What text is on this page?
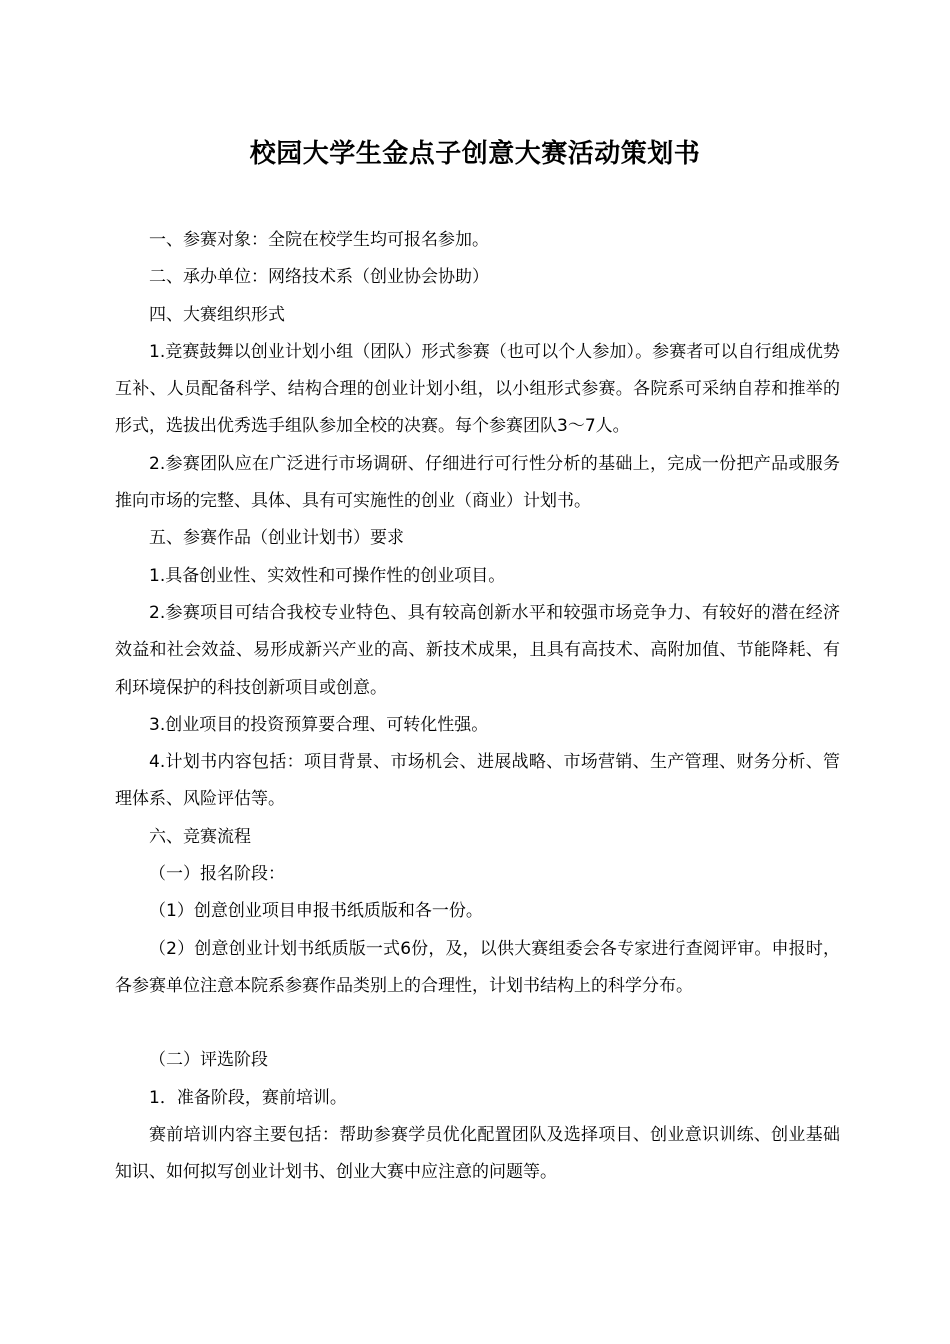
校园大学生金点子创意大赛活动策划书

一、参赛对象：全院在校学生均可报名参加。

二、承办单位：网络技术系（创业协会协助）

四、大赛组织形式

1.竞赛鼓舞以创业计划小组（团队）形式参赛（也可以个人参加）。参赛者可以自行组成优势互补、人员配备科学、结构合理的创业计划小组，以小组形式参赛。各院系可采纳自荐和推举的形式，选拔出优秀选手组队参加全校的决赛。每个参赛团队3～7人。

2.参赛团队应在广泛进行市场调研、仔细进行可行性分析的基础上，完成一份把产品或服务推向市场的完整、具体、具有可实施性的创业（商业）计划书。

五、参赛作品（创业计划书）要求

1.具备创业性、实效性和可操作性的创业项目。

2.参赛项目可结合我校专业特色、具有较高创新水平和较强市场竞争力、有较好的潜在经济效益和社会效益、易形成新兴产业的高、新技术成果，且具有高技术、高附加值、节能降耗、有利环境保护的科技创新项目或创意。

3.创业项目的投资预算要合理、可转化性强。

4.计划书内容包括：项目背景、市场机会、进展战略、市场营销、生产管理、财务分析、管理体系、风险评估等。

六、竞赛流程

（一）报名阶段：

（1）创意创业项目申报书纸质版和各一份。

（2）创意创业计划书纸质版一式6份，及，以供大赛组委会各专家进行查阅评审。申报时，各参赛单位注意本院系参赛作品类别上的合理性，计划书结构上的科学分布。

（二）评选阶段

1．准备阶段，赛前培训。

赛前培训内容主要包括：帮助参赛学员优化配置团队及选择项目、创业意识训练、创业基础知识、如何拟写创业计划书、创业大赛中应注意的问题等。
